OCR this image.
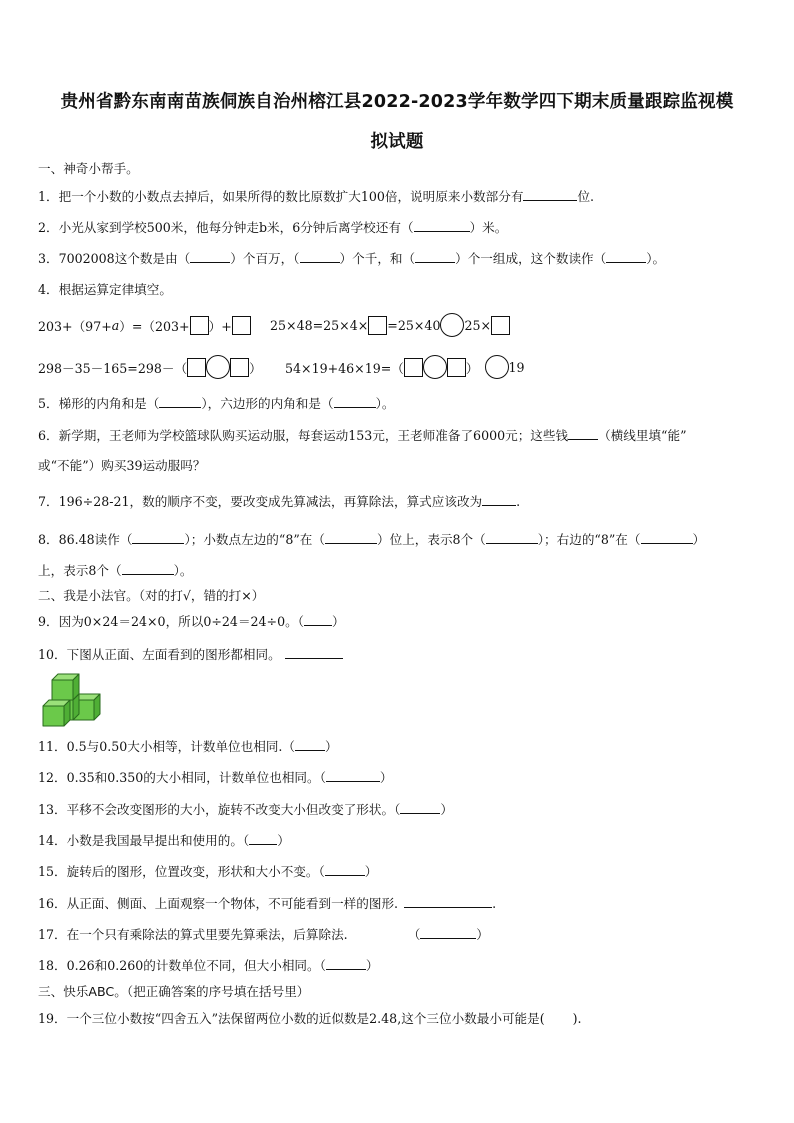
贵州省黔东南南苗族侗族自治州榕江县2022-2023学年数学四下期末质量跟踪监视模
拟试题
一、神奇小帮手。
1．把一个小数的小数点去掉后，如果所得的数比原数扩大100倍，说明原来小数部分有	位.
2．小光从家到学校500米，他每分钟走b米，6分钟后离学校还有（	）米。
3．7002008这个数是由（	）个百万，（	）个千，和（	）个一组成，这个数读作（	）。
4．根据运算定律填空。
203+（97+ a ）=（203+ ）+	25×48=25×4× =25×40 25×
298－35－165=298－（	） 54×19+46×19=（	） 19
5．梯形的内角和是（	），六边形的内角和是（	）。
6．新学期，王老师为学校篮球队购买运动服，每套运动153元，王老师准备了6000元；这些钱 （横线里填“能”
或“不能”）购买39运动服吗？
7．196÷28-21，数的顺序不变，要改变成先算减法，再算除法，算式应该改为	.
8．86.48读作（	）；小数点左边的“8”在（	）位上，表示8个（	）；右边的“8”在（	）
上，表示8个（	）。
二、我是小法官。（对的打√，错的打×）
9．因为0×24＝24×0，所以0÷24＝24÷0。（ ）
10．下图从正面、左面看到的图形都相同。
11．0.5与0.50大小相等，计数单位也相同.（ ）
12．0.35和0.350的大小相同，计数单位也相同。（	）
13．平移不会改变图形的大小，旋转不改变大小但改变了形状。（	）
14．小数是我国最早提出和使用的。（ ）
15．旋转后的图形，位置改变，形状和大小不变。（	）
16．从正面、侧面、上面观察一个物体，不可能看到一样的图形.	.
17．在一个只有乘除法的算式里要先算乘法，后算除法.	（	）
18．0.26和0.260的计数单位不同，但大小相同。（	）
三、快乐ABC。（把正确答案的序号填在括号里）
19．一个三位小数按“四舍五入”法保留两位小数的近似数是2.48,这个三位小数最小可能是( ).
